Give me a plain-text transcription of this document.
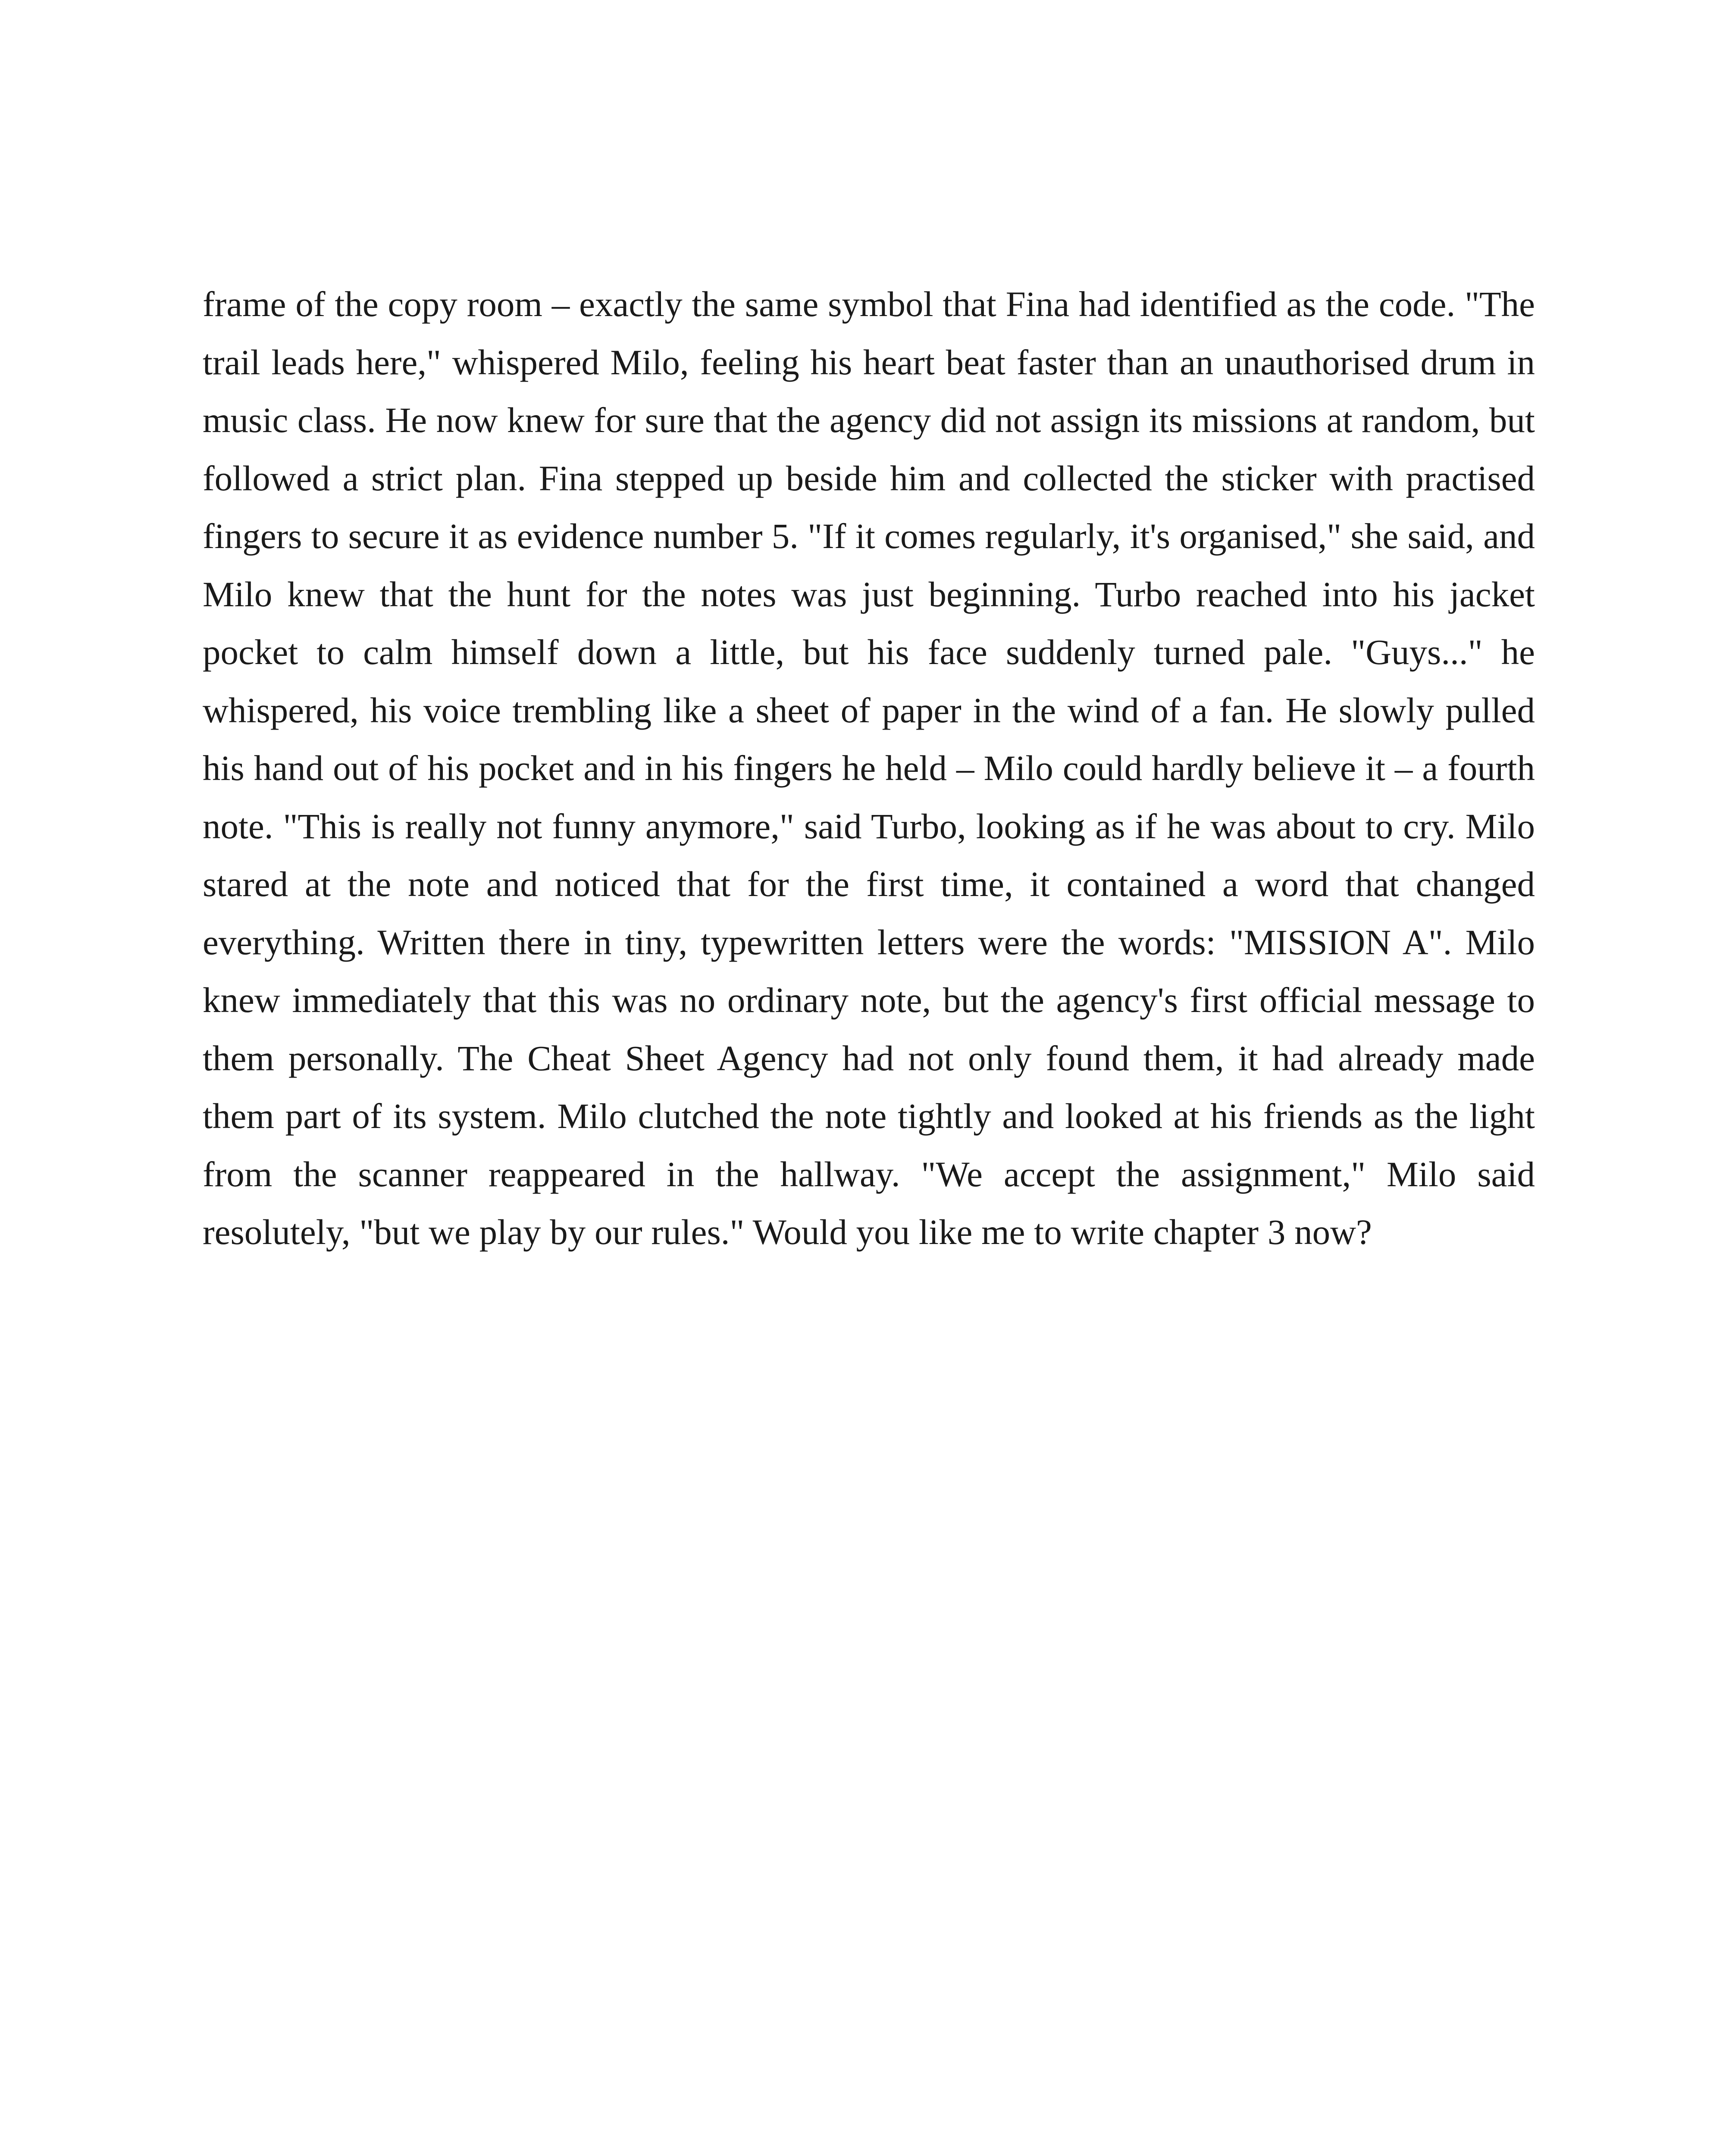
frame of the copy room – exactly the same symbol that Fina had identified as the code. "The trail leads here," whispered Milo, feeling his heart beat faster than an unauthorised drum in music class. He now knew for sure that the agency did not assign its missions at random, but followed a strict plan. Fina stepped up beside him and collected the sticker with practised fingers to secure it as evidence number 5. "If it comes regularly, it's organised," she said, and Milo knew that the hunt for the notes was just beginning. Turbo reached into his jacket pocket to calm himself down a little, but his face suddenly turned pale. "Guys..." he whispered, his voice trembling like a sheet of paper in the wind of a fan. He slowly pulled his hand out of his pocket and in his fingers he held – Milo could hardly believe it – a fourth note. "This is really not funny anymore," said Turbo, looking as if he was about to cry. Milo stared at the note and noticed that for the first time, it contained a word that changed everything. Written there in tiny, typewritten letters were the words: "MISSION A". Milo knew immediately that this was no ordinary note, but the agency's first official message to them personally. The Cheat Sheet Agency had not only found them, it had already made them part of its system. Milo clutched the note tightly and looked at his friends as the light from the scanner reappeared in the hallway. "We accept the assignment," Milo said resolutely, "but we play by our rules." Would you like me to write chapter 3 now?
